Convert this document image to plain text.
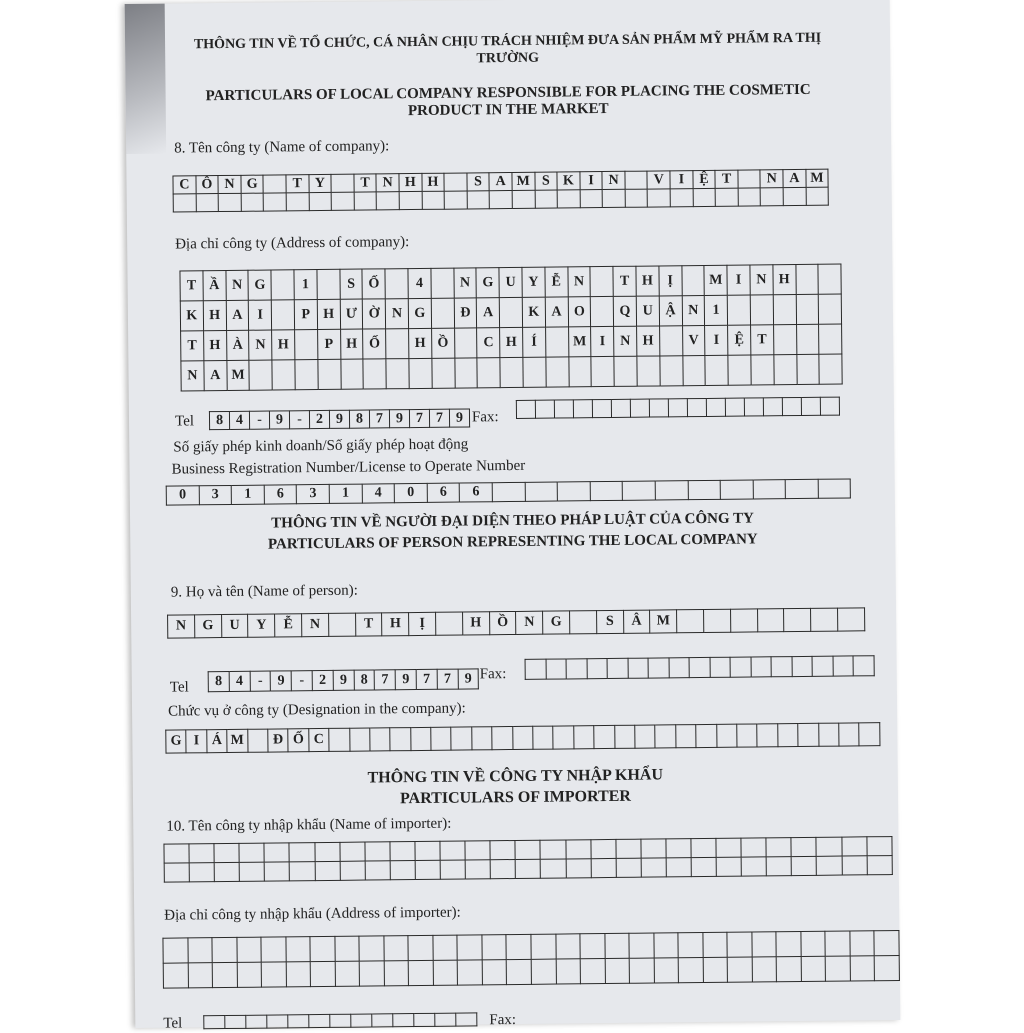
THÔNG TIN VỀ TỔ CHỨC, CÁ NHÂN CHỊU TRÁCH NHIỆM ĐƯA SẢN PHẨM MỸ PHẨM RA THỊ TRƯỜNG
PARTICULARS OF LOCAL COMPANY RESPONSIBLE FOR PLACING THE COSMETIC PRODUCT IN THE MARKET
8. Tên công ty (Name of company):
C	Ô	N	G		T	Y		T	N	H	H		S	A	M	S	K	I	N		V	I	Ệ	T		N	A	M

Địa chỉ công ty (Address of company):
T	Ầ	N	G		1		S	Ố		4		N	G	U	Y	Ễ	N		T	H	Ị		M	I	N	H		
K	H	A	I		P	H	Ư	Ờ	N	G		Đ	A		K	A	O		Q	U	Ậ	N	1					
T	H	À	N	H		P	H	Ố		H	Ồ		C	H	Í		M	I	N	H		V	I	Ệ	T			
N	A	M																										
Tel 8	4	-	9	-	2	9	8	7	9	7	7	9 Fax:

Số giấy phép kinh doanh/Số giấy phép hoạt động
Business Registration Number/License to Operate Number
0	3	1	6	3	1	4	0	6	6											
THÔNG TIN VỀ NGƯỜI ĐẠI DIỆN THEO PHÁP LUẬT CỦA CÔNG TY
PARTICULARS OF PERSON REPRESENTING THE LOCAL COMPANY
9. Họ và tên (Name of person):
N	G	U	Y	Ễ	N		T	H	Ị		H	Ồ	N	G		S	Â	M							
Tel 8	4	-	9	-	2	9	8	7	9	7	7	9 Fax:

Chức vụ ở công ty (Designation in the company):
G	I	Á	M		Đ	Ố	C																											
THÔNG TIN VỀ CÔNG TY NHẬP KHẨU
PARTICULARS OF IMPORTER
10. Tên công ty nhập khẩu (Name of importer):

Địa chỉ công ty nhập khẩu (Address of importer):

Tel
													Fax:
